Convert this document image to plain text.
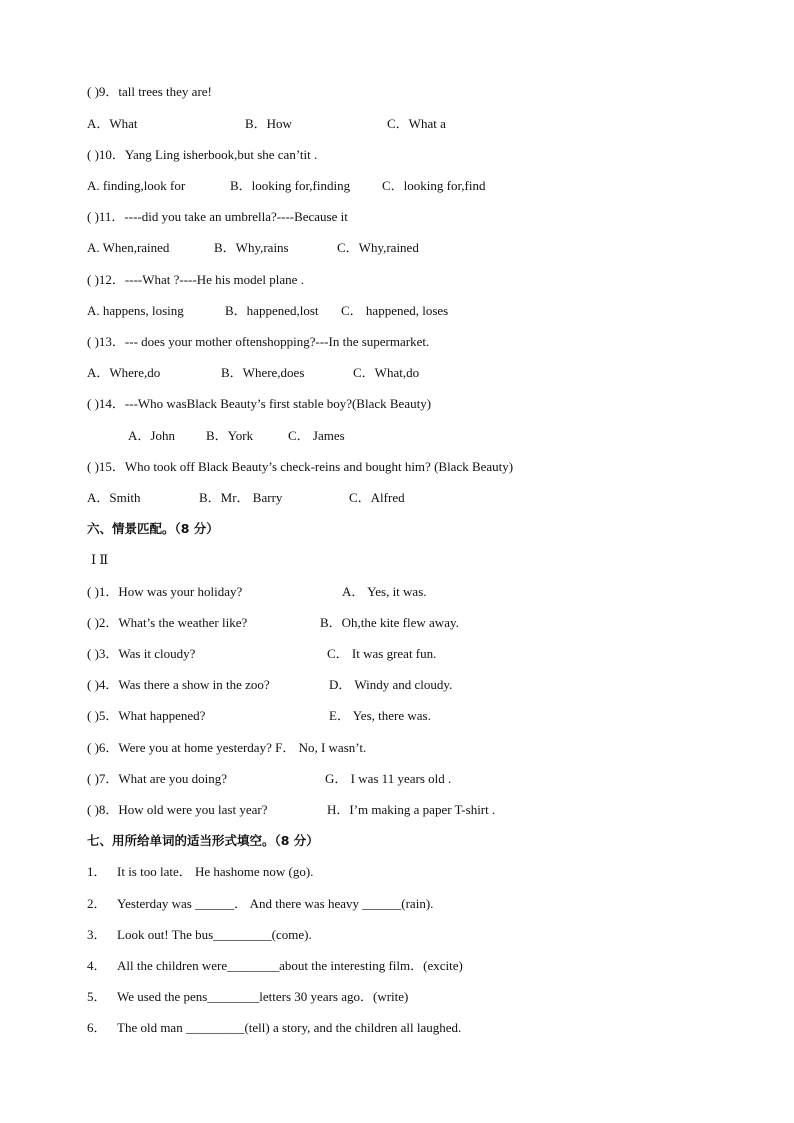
( )9．tall trees they are!
A．What	B．How	C．What a
( )10．Yang Ling isherbook,but she can’tit .
A. finding,look for	B．looking for,finding C．looking for,find
( )11．----did you take an umbrella?----Because it
A. When,rained	B．Why,rains	C．Why,rained
( )12．----What ?----He his model plane .
A. happens, losing	B．happened,lost C． happened, loses
( )13．--- does your mother oftenshopping?---In the supermarket.
A．Where,do	B．Where,does	C．What,do
( )14．---Who wasBlack Beauty’s first stable boy?(Black Beauty)
A．John B．York	C． James
( )15．Who took off Black Beauty’s check-reins and bought him? (Black Beauty)
A．Smith	B．Mr． Barry	C．Alfred
六、情景匹配。（8 分）
Ⅰ Ⅱ
( )1．How was your holiday?	A． Yes, it was.
( )2．What’s the weather like?	B．Oh,the kite flew away.
( )3．Was it cloudy?	C． It was great fun.
( )4．Was there a show in the zoo?	D． Windy and cloudy.
( )5．What happened?	E． Yes, there was.
( )6．Were you at home yesterday? F． No, I wasn’t.
( )7．What are you doing?	G． I was 11 years old .
( )8．How old were you last year?	H．I’m making a paper T-shirt .
七、用所给单词的适当形式填空。（8 分）
1． It is too late． He hashome now (go).
2． Yesterday was ______． And there was heavy ______(rain).
3． Look out! The bus_________(come).
4． All the children were________about the interesting film．(excite)
5． We used the pens________letters 30 years ago．(write)
6． The old man _________(tell) a story, and the children all laughed.
